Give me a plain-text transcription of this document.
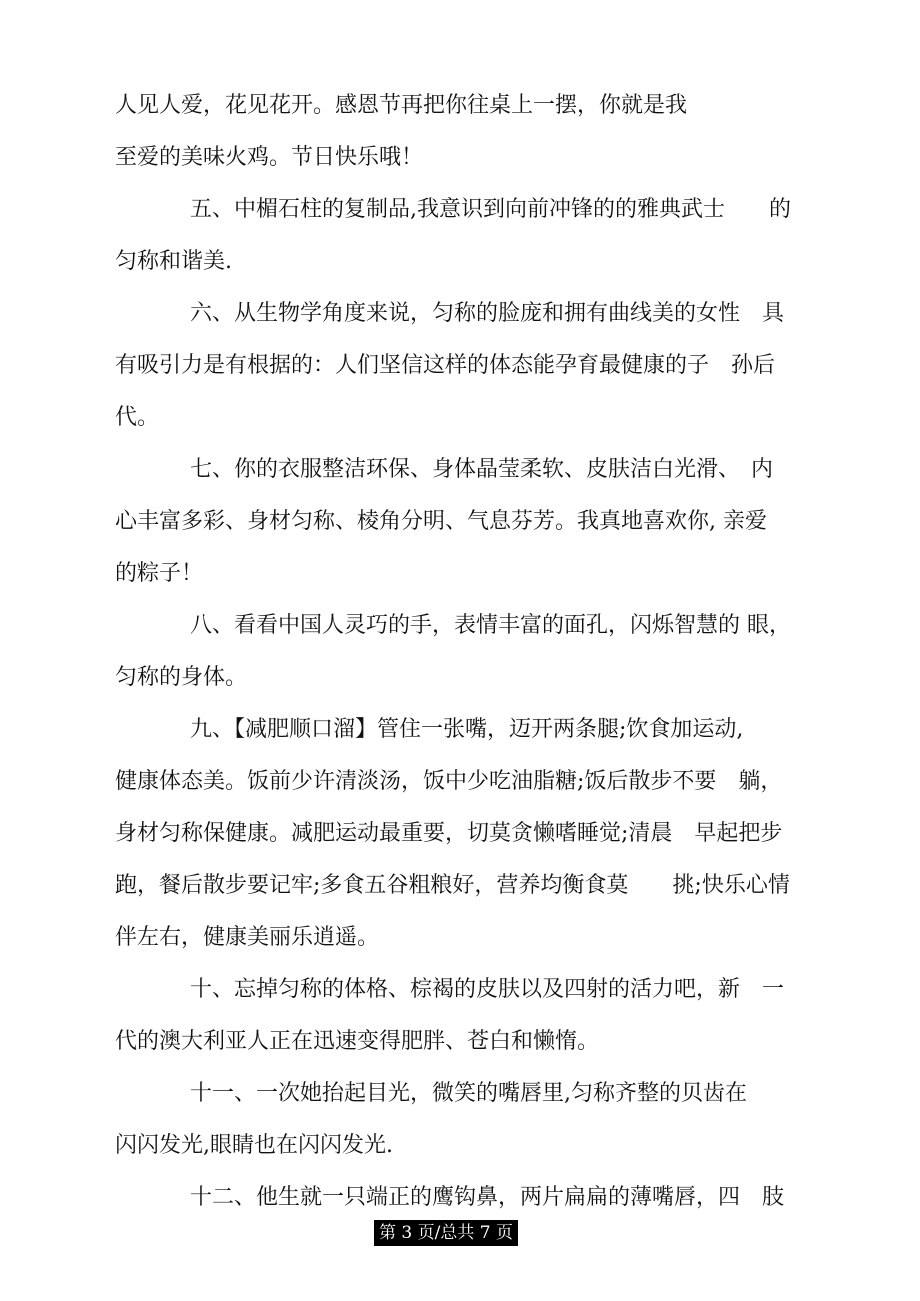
人见人爱，花见花开。感恩节再把你往桌上一摆，你就是我
至爱的美味火鸡。节日快乐哦！
五、中楣石柱的复制品,我意识到向前冲锋的的雅典武士　　的
匀称和谐美.
六、从生物学角度来说，匀称的脸庞和拥有曲线美的女性　具
有吸引力是有根据的：人们坚信这样的体态能孕育最健康的子　孙后
代。
七、你的衣服整洁环保、身体晶莹柔软、皮肤洁白光滑、　内
心丰富多彩、身材匀称、棱角分明、气息芬芳。我真地喜欢你, 亲爱
的粽子！
八、看看中国人灵巧的手，表情丰富的面孔，闪烁智慧的 眼，
匀称的身体。
九、【减肥顺口溜】管住一张嘴，迈开两条腿;饮食加运动,
健康体态美。饭前少许清淡汤，饭中少吃油脂糖;饭后散步不要　躺，
身材匀称保健康。减肥运动最重要，切莫贪懒嗜睡觉;清晨　早起把步
跑，餐后散步要记牢;多食五谷粗粮好，营养均衡食莫　　挑;快乐心情
伴左右，健康美丽乐逍遥。
十、忘掉匀称的体格、棕褐的皮肤以及四射的活力吧，新　一
代的澳大利亚人正在迅速变得肥胖、苍白和懒惰。
十一、一次她抬起目光，微笑的嘴唇里,匀称齐整的贝齿在
闪闪发光,眼睛也在闪闪发光.
十二、他生就一只端正的鹰钩鼻，两片扁扁的薄嘴唇，四　肢
第 3 页/总共 7 页
